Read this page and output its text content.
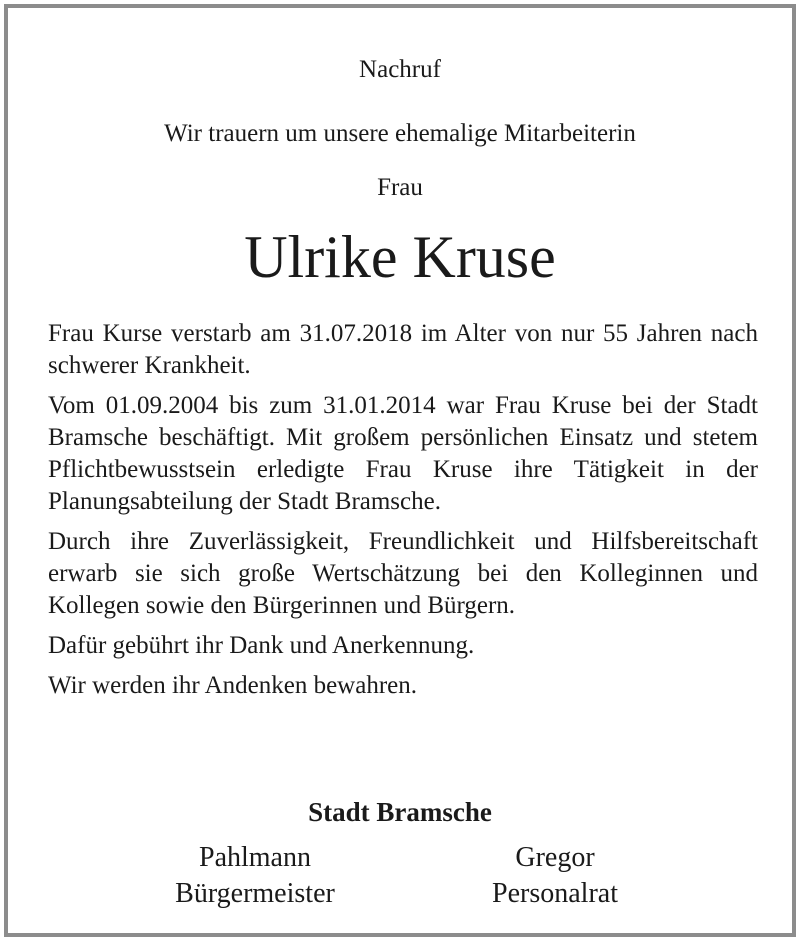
Nachruf
Wir trauern um unsere ehemalige Mitarbeiterin
Frau
Ulrike Kruse

Frau Kurse verstarb am 31.07.2018 im Alter von nur 55 Jahren nach schwerer Krankheit.

Vom 01.09.2004 bis zum 31.01.2014 war Frau Kruse bei der Stadt Bramsche beschäftigt. Mit großem persönlichen Einsatz und stetem Pflichtbewusstsein erledigte Frau Kruse ihre Tätigkeit in der Planungsabteilung der Stadt Bramsche.

Durch ihre Zuverlässigkeit, Freundlichkeit und Hilfsbereitschaft erwarb sie sich große Wertschätzung bei den Kolleginnen und Kollegen sowie den Bürgerinnen und Bürgern.

Dafür gebührt ihr Dank und Anerkennung.

Wir werden ihr Andenken bewahren.

Stadt Bramsche
Pahlmann
Bürgermeister
Gregor
Personalrat
